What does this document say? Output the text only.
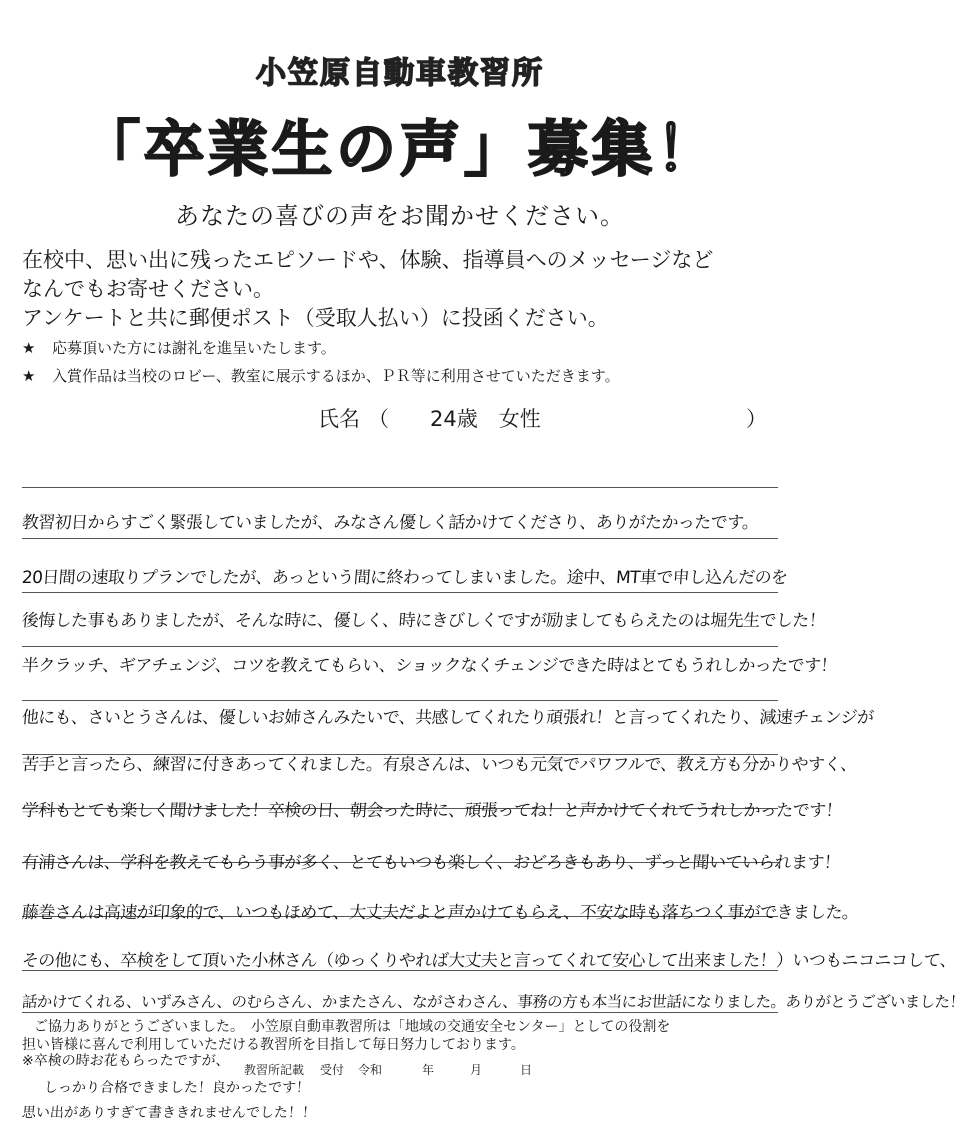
小笠原自動車教習所
「卒業生の声」募集！
あなたの喜びの声をお聞かせください。
在校中、思い出に残ったエピソードや、体験、指導員へのメッセージなど
なんでもお寄せください。
アンケートと共に郵便ポスト（受取人払い）に投函ください。
★ 応募頂いた方には謝礼を進呈いたします。
★ 入賞作品は当校のロビー、教室に展示するほか、ＰＲ等に利用させていただきます。
氏名 （ 24歳　女性	）
教習初日からすごく緊張していましたが、みなさん優しく話かけてくださり、ありがたかったです。
20日間の速取りプランでしたが、あっという間に終わってしまいました。途中、MT車で申し込んだのを
後悔した事もありましたが、そんな時に、優しく、時にきびしくですが励ましてもらえたのは堀先生でした！
半クラッチ、ギアチェンジ、コツを教えてもらい、ショックなくチェンジできた時はとてもうれしかったです！
他にも、さいとうさんは、優しいお姉さんみたいで、共感してくれたり頑張れ！と言ってくれたり、減速チェンジが
苦手と言ったら、練習に付きあってくれました。有泉さんは、いつも元気でパワフルで、教え方も分かりやすく、
学科もとても楽しく聞けました！卒検の日、朝会った時に、頑張ってね！と声かけてくれてうれしかったです！
有浦さんは、学科を教えてもらう事が多く、とてもいつも楽しく、おどろきもあり、ずっと聞いていられます！
藤巻さんは高速が印象的で、いつもほめて、大丈夫だよと声かけてもらえ、不安な時も落ちつく事ができました。
その他にも、卒検をして頂いた小林さん（ゆっくりやれば大丈夫と言ってくれて安心して出来ました！）いつもニコニコして、
話かけてくれる、いずみさん、のむらさん、かまたさん、ながさわさん、事務の方も本当にお世話になりました。ありがとうございました！
ご協力ありがとうございました。　小笠原自動車教習所は「地域の交通安全センター」としての役割を
担い皆様に喜んで利用していただける教習所を目指して毎日努力しております。
教習所記載 受付 令和	年	月	日
※卒検の時お花もらったですが、
しっかり合格できました！良かったです！
思い出がありすぎて書ききれませんでした！！
